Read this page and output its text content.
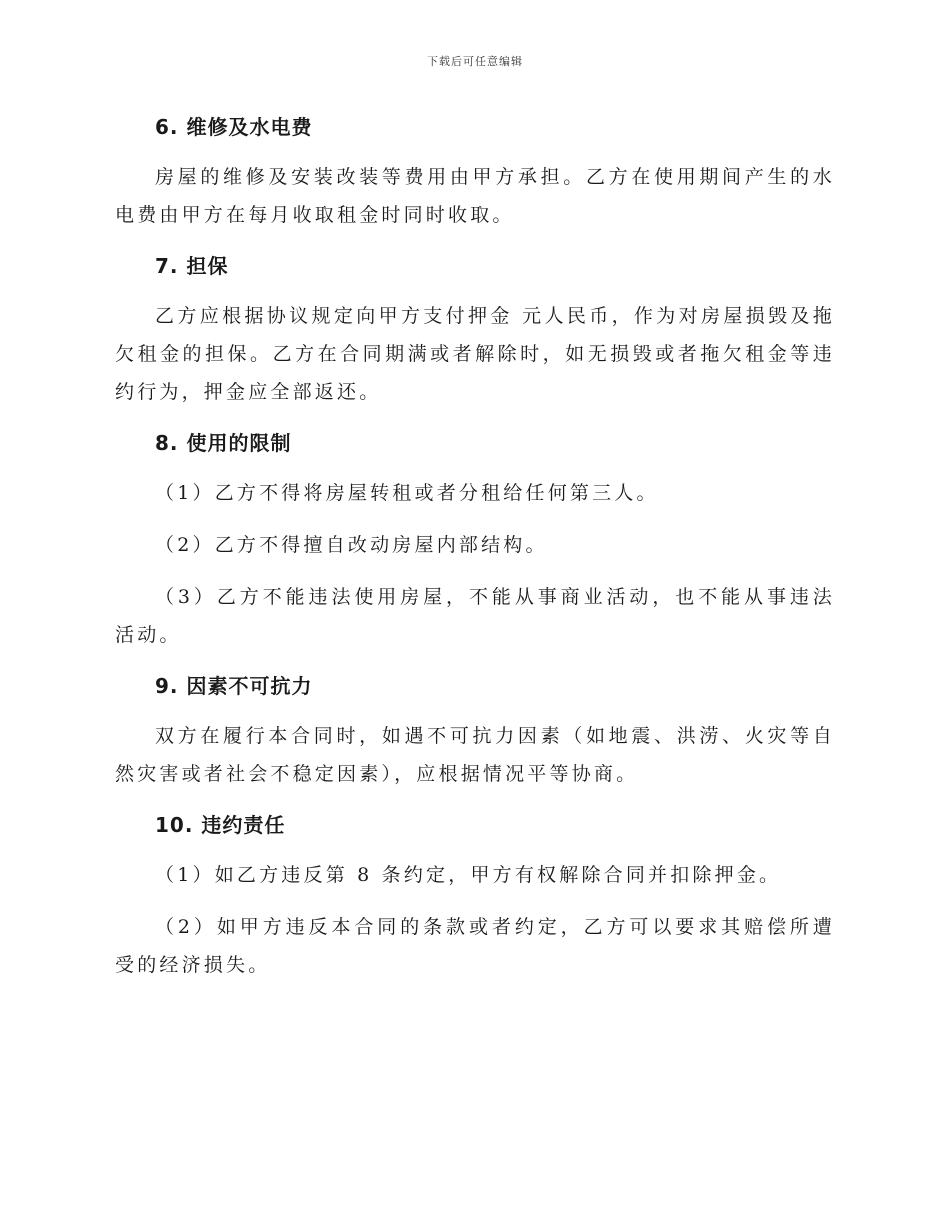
下载后可任意编辑
6. 维修及水电费
房屋的维修及安装改装等费用由甲方承担。乙方在使用期间产生的水电费由甲方在每月收取租金时同时收取。
7. 担保
乙方应根据协议规定向甲方支付押金 元人民币，作为对房屋损毁及拖欠租金的担保。乙方在合同期满或者解除时，如无损毁或者拖欠租金等违约行为，押金应全部返还。
8. 使用的限制
（1）乙方不得将房屋转租或者分租给任何第三人。
（2）乙方不得擅自改动房屋内部结构。
（3）乙方不能违法使用房屋，不能从事商业活动，也不能从事违法活动。
9. 因素不可抗力
双方在履行本合同时，如遇不可抗力因素（如地震、洪涝、火灾等自然灾害或者社会不稳定因素），应根据情况平等协商。
10. 违约责任
（1）如乙方违反第 8 条约定，甲方有权解除合同并扣除押金。
（2）如甲方违反本合同的条款或者约定，乙方可以要求其赔偿所遭受的经济损失。
